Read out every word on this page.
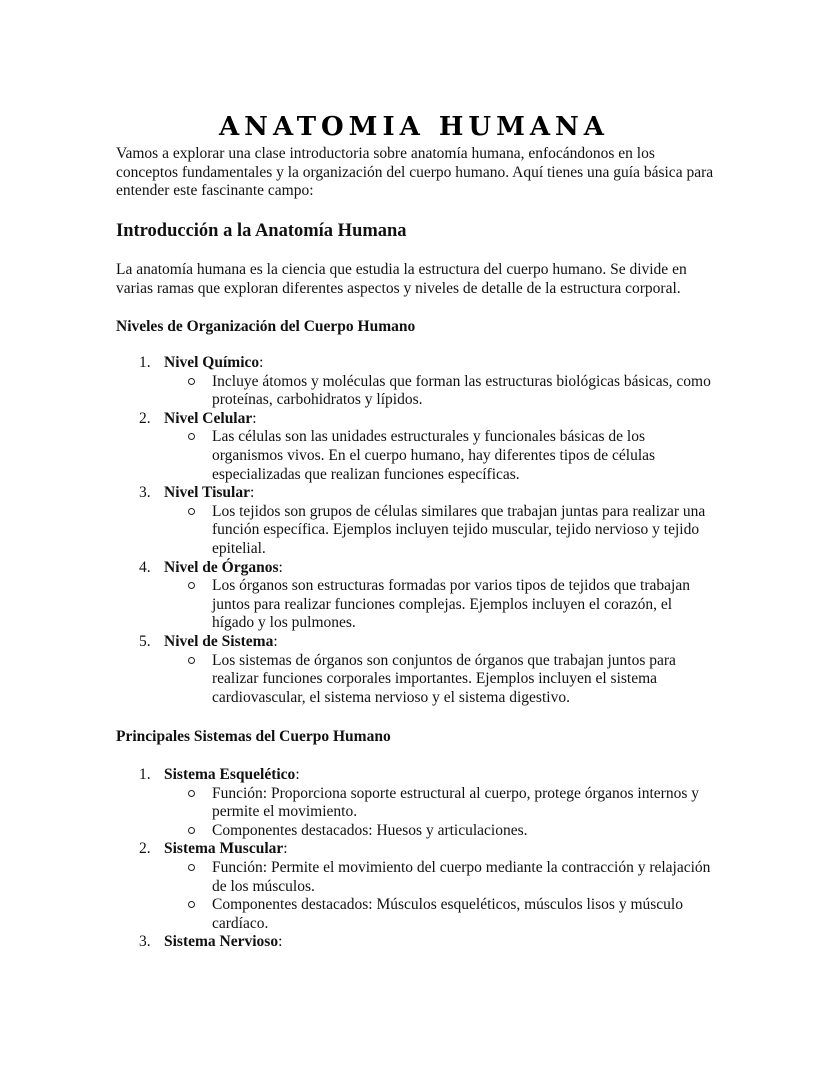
ANATOMIA HUMANA

Vamos a explorar una clase introductoria sobre anatomía humana, enfocándonos en los conceptos fundamentales y la organización del cuerpo humano. Aquí tienes una guía básica para entender este fascinante campo:

Introducción a la Anatomía Humana

La anatomía humana es la ciencia que estudia la estructura del cuerpo humano. Se divide en varias ramas que exploran diferentes aspectos y niveles de detalle de la estructura corporal.

Niveles de Organización del Cuerpo Humano
1. Nivel Químico:
Incluye átomos y moléculas que forman las estructuras biológicas básicas, como proteínas, carbohidratos y lípidos.
2. Nivel Celular:
Las células son las unidades estructurales y funcionales básicas de los organismos vivos. En el cuerpo humano, hay diferentes tipos de células especializadas que realizan funciones específicas.
3. Nivel Tisular:
Los tejidos son grupos de células similares que trabajan juntas para realizar una función específica. Ejemplos incluyen tejido muscular, tejido nervioso y tejido epitelial.
4. Nivel de Órganos:
Los órganos son estructuras formadas por varios tipos de tejidos que trabajan juntos para realizar funciones complejas. Ejemplos incluyen el corazón, el hígado y los pulmones.
5. Nivel de Sistema:
Los sistemas de órganos son conjuntos de órganos que trabajan juntos para realizar funciones corporales importantes. Ejemplos incluyen el sistema cardiovascular, el sistema nervioso y el sistema digestivo.
Principales Sistemas del Cuerpo Humano
1. Sistema Esquelético:
Función: Proporciona soporte estructural al cuerpo, protege órganos internos y permite el movimiento.
Componentes destacados: Huesos y articulaciones.
2. Sistema Muscular:
Función: Permite el movimiento del cuerpo mediante la contracción y relajación de los músculos.
Componentes destacados: Músculos esqueléticos, músculos lisos y músculo cardíaco.
3. Sistema Nervioso:
